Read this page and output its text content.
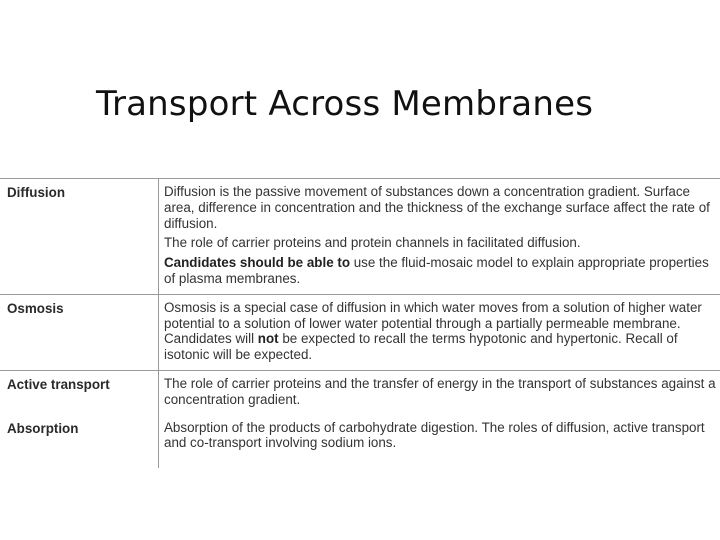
Transport Across Membranes
Diffusion	Diffusion is the passive movement of substances down a concentration gradient. Surface area, difference in concentration and the thickness of the exchange surface affect the rate of diffusion.

The role of carrier proteins and protein channels in facilitated diffusion.

Candidates should be able to use the fluid-mosaic model to explain appropriate properties of plasma membranes.

Osmosis	Osmosis is a special case of diffusion in which water moves from a solution of higher water potential to a solution of lower water potential through a partially permeable membrane. Candidates will not be expected to recall the terms hypotonic and hypertonic. Recall of isotonic will be expected.

Active transport	The role of carrier proteins and the transfer of energy in the transport of substances against a concentration gradient.

Absorption	Absorption of the products of carbohydrate digestion. The roles of diffusion, active transport and co-transport involving sodium ions.
